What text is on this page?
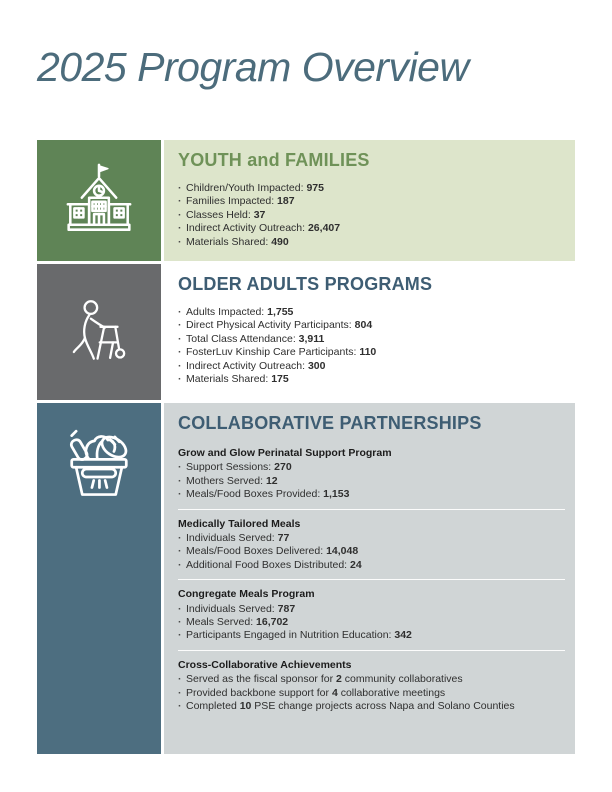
2025 Program Overview
YOUTH and FAMILIES
· Children/Youth Impacted: 975
· Families Impacted: 187
· Classes Held: 37
· Indirect Activity Outreach: 26,407
· Materials Shared: 490
OLDER ADULTS PROGRAMS
· Adults Impacted: 1,755
· Direct Physical Activity Participants: 804
· Total Class Attendance: 3,911
· FosterLuv Kinship Care Participants: 110
· Indirect Activity Outreach: 300
· Materials Shared: 175
COLLABORATIVE PARTNERSHIPS
Grow and Glow Perinatal Support Program
· Support Sessions: 270
· Mothers Served: 12
· Meals/Food Boxes Provided: 1,153
Medically Tailored Meals
· Individuals Served: 77
· Meals/Food Boxes Delivered: 14,048
· Additional Food Boxes Distributed: 24
Congregate Meals Program
· Individuals Served: 787
· Meals Served: 16,702
· Participants Engaged in Nutrition Education: 342
Cross-Collaborative Achievements
· Served as the fiscal sponsor for 2 community collaboratives
· Provided backbone support for 4 collaborative meetings
· Completed 10 PSE change projects across Napa and Solano Counties
